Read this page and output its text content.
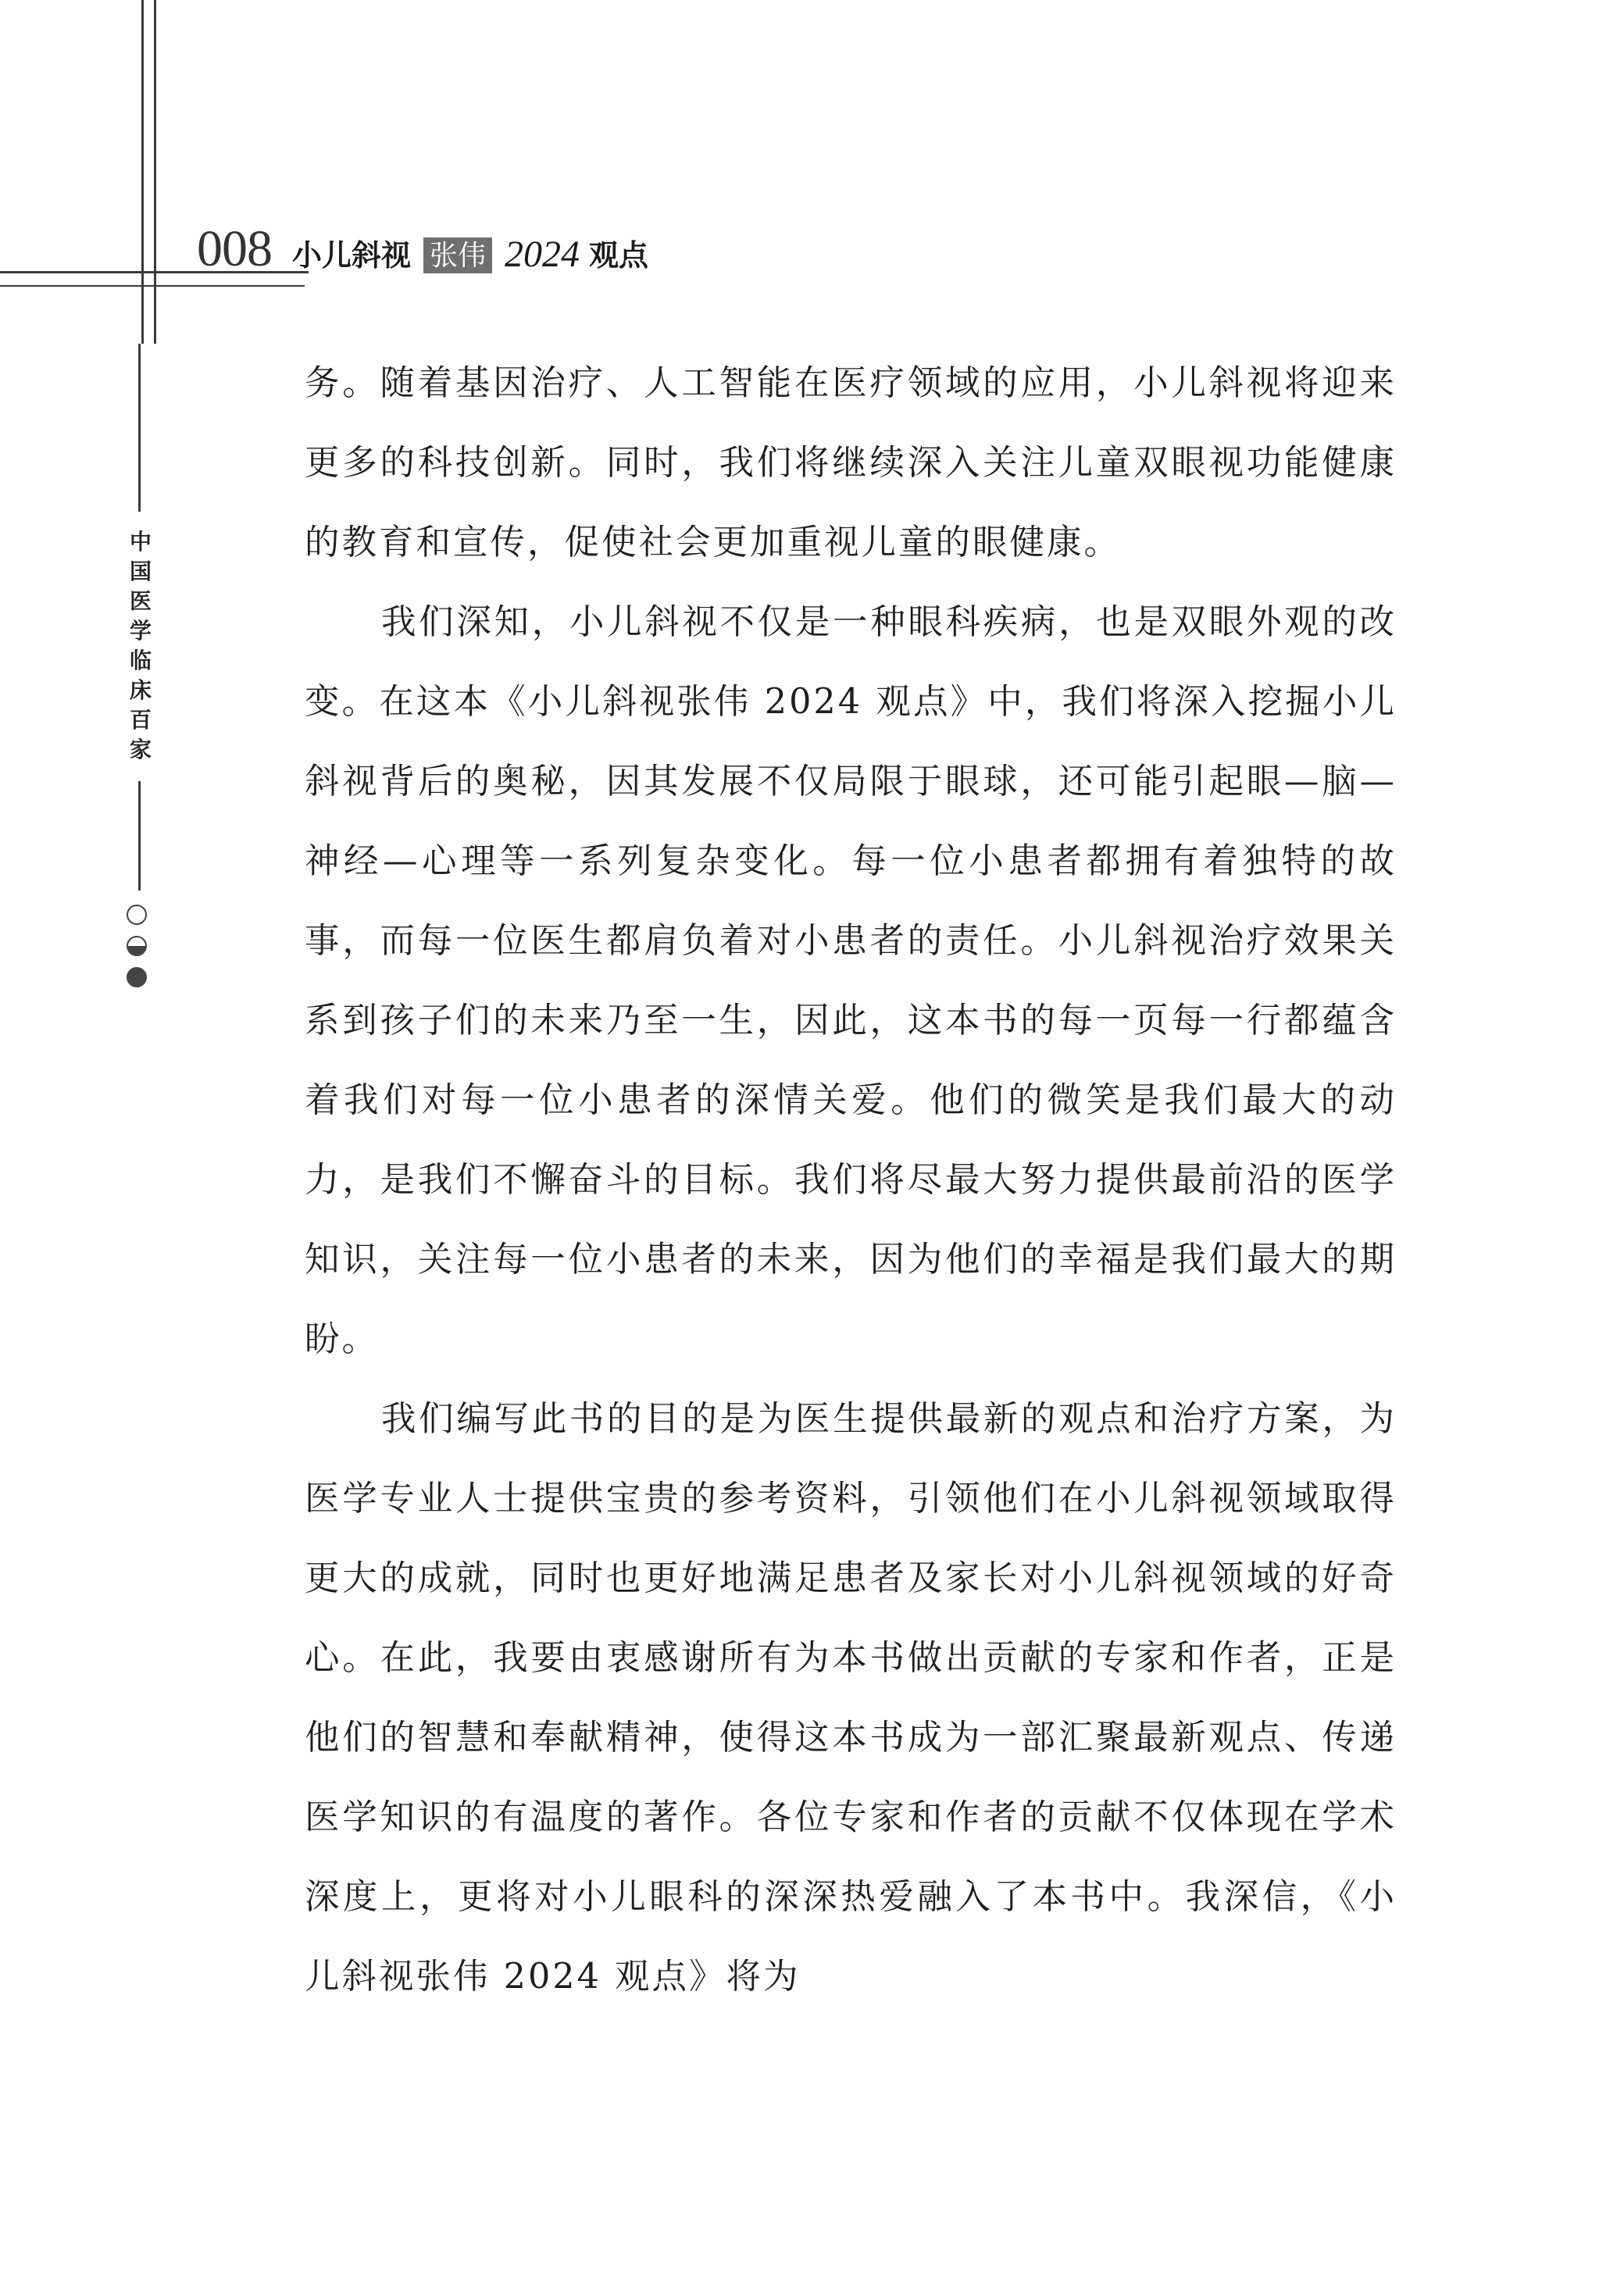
008 小儿斜视 张伟 2024 观点
中
国
医
学
临
床
百
家

务。随着基因治疗、人工智能在医疗领域的应用，小儿斜视将迎来更多的科技创新。同时，我们将继续深入关注儿童双眼视功能健康的教育和宣传，促使社会更加重视儿童的眼健康。

我们深知，小儿斜视不仅是一种眼科疾病，也是双眼外观的改变。在这本《小儿斜视张伟 2024 观点》中，我们将深入挖掘小儿斜视背后的奥秘，因其发展不仅局限于眼球，还可能引起眼—脑—神经—心理等一系列复杂变化。每一位小患者都拥有着独特的故事，而每一位医生都肩负着对小患者的责任。小儿斜视治疗效果关系到孩子们的未来乃至一生，因此，这本书的每一页每一行都蕴含着我们对每一位小患者的深情关爱。他们的微笑是我们最大的动力，是我们不懈奋斗的目标。我们将尽最大努力提供最前沿的医学知识，关注每一位小患者的未来，因为他们的幸福是我们最大的期盼。

我们编写此书的目的是为医生提供最新的观点和治疗方案，为医学专业人士提供宝贵的参考资料，引领他们在小儿斜视领域取得更大的成就，同时也更好地满足患者及家长对小儿斜视领域的好奇心。在此，我要由衷感谢所有为本书做出贡献的专家和作者，正是他们的智慧和奉献精神，使得这本书成为一部汇聚最新观点、传递医学知识的有温度的著作。各位专家和作者的贡献不仅体现在学术深度上，更将对小儿眼科的深深热爱融入了本书中。我深信，《小儿斜视张伟 2024 观点》将为
